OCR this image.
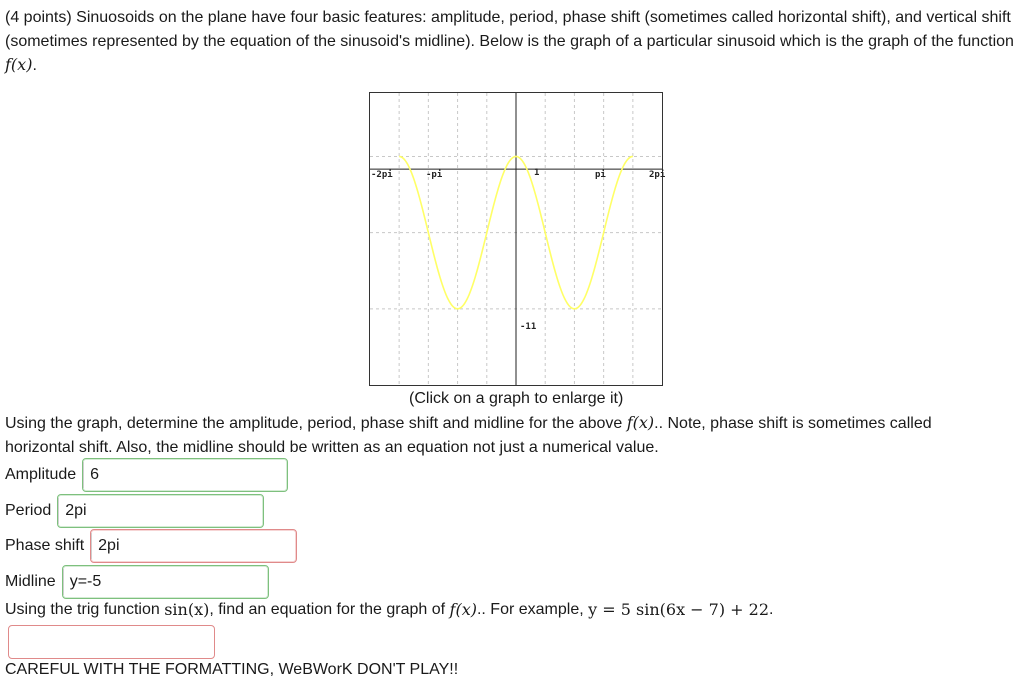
(4 points) Sinuosoids on the plane have four basic features: amplitude, period, phase shift (sometimes called horizontal shift), and vertical shift (sometimes represented by the equation of the sinusoid's midline). Below is the graph of a particular sinusoid which is the graph of the function f(x).
-2pi	-pi	pi	2pi
1
-11
(Click on a graph to enlarge it)
Using the graph, determine the amplitude, period, phase shift and midline for the above f(x).. Note, phase shift is sometimes called horizontal shift. Also, the midline should be written as an equation not just a numerical value.
Amplitude 6
Period 2pi
Phase shift 2pi
Midline y=-5
Using the trig function
sin(x) , find an equation for the graph of
f(x) .. For example,
y = 5 sin(6x − 7) + 22 .
CAREFUL WITH THE FORMATTING, WeBWorK DON'T PLAY!!
